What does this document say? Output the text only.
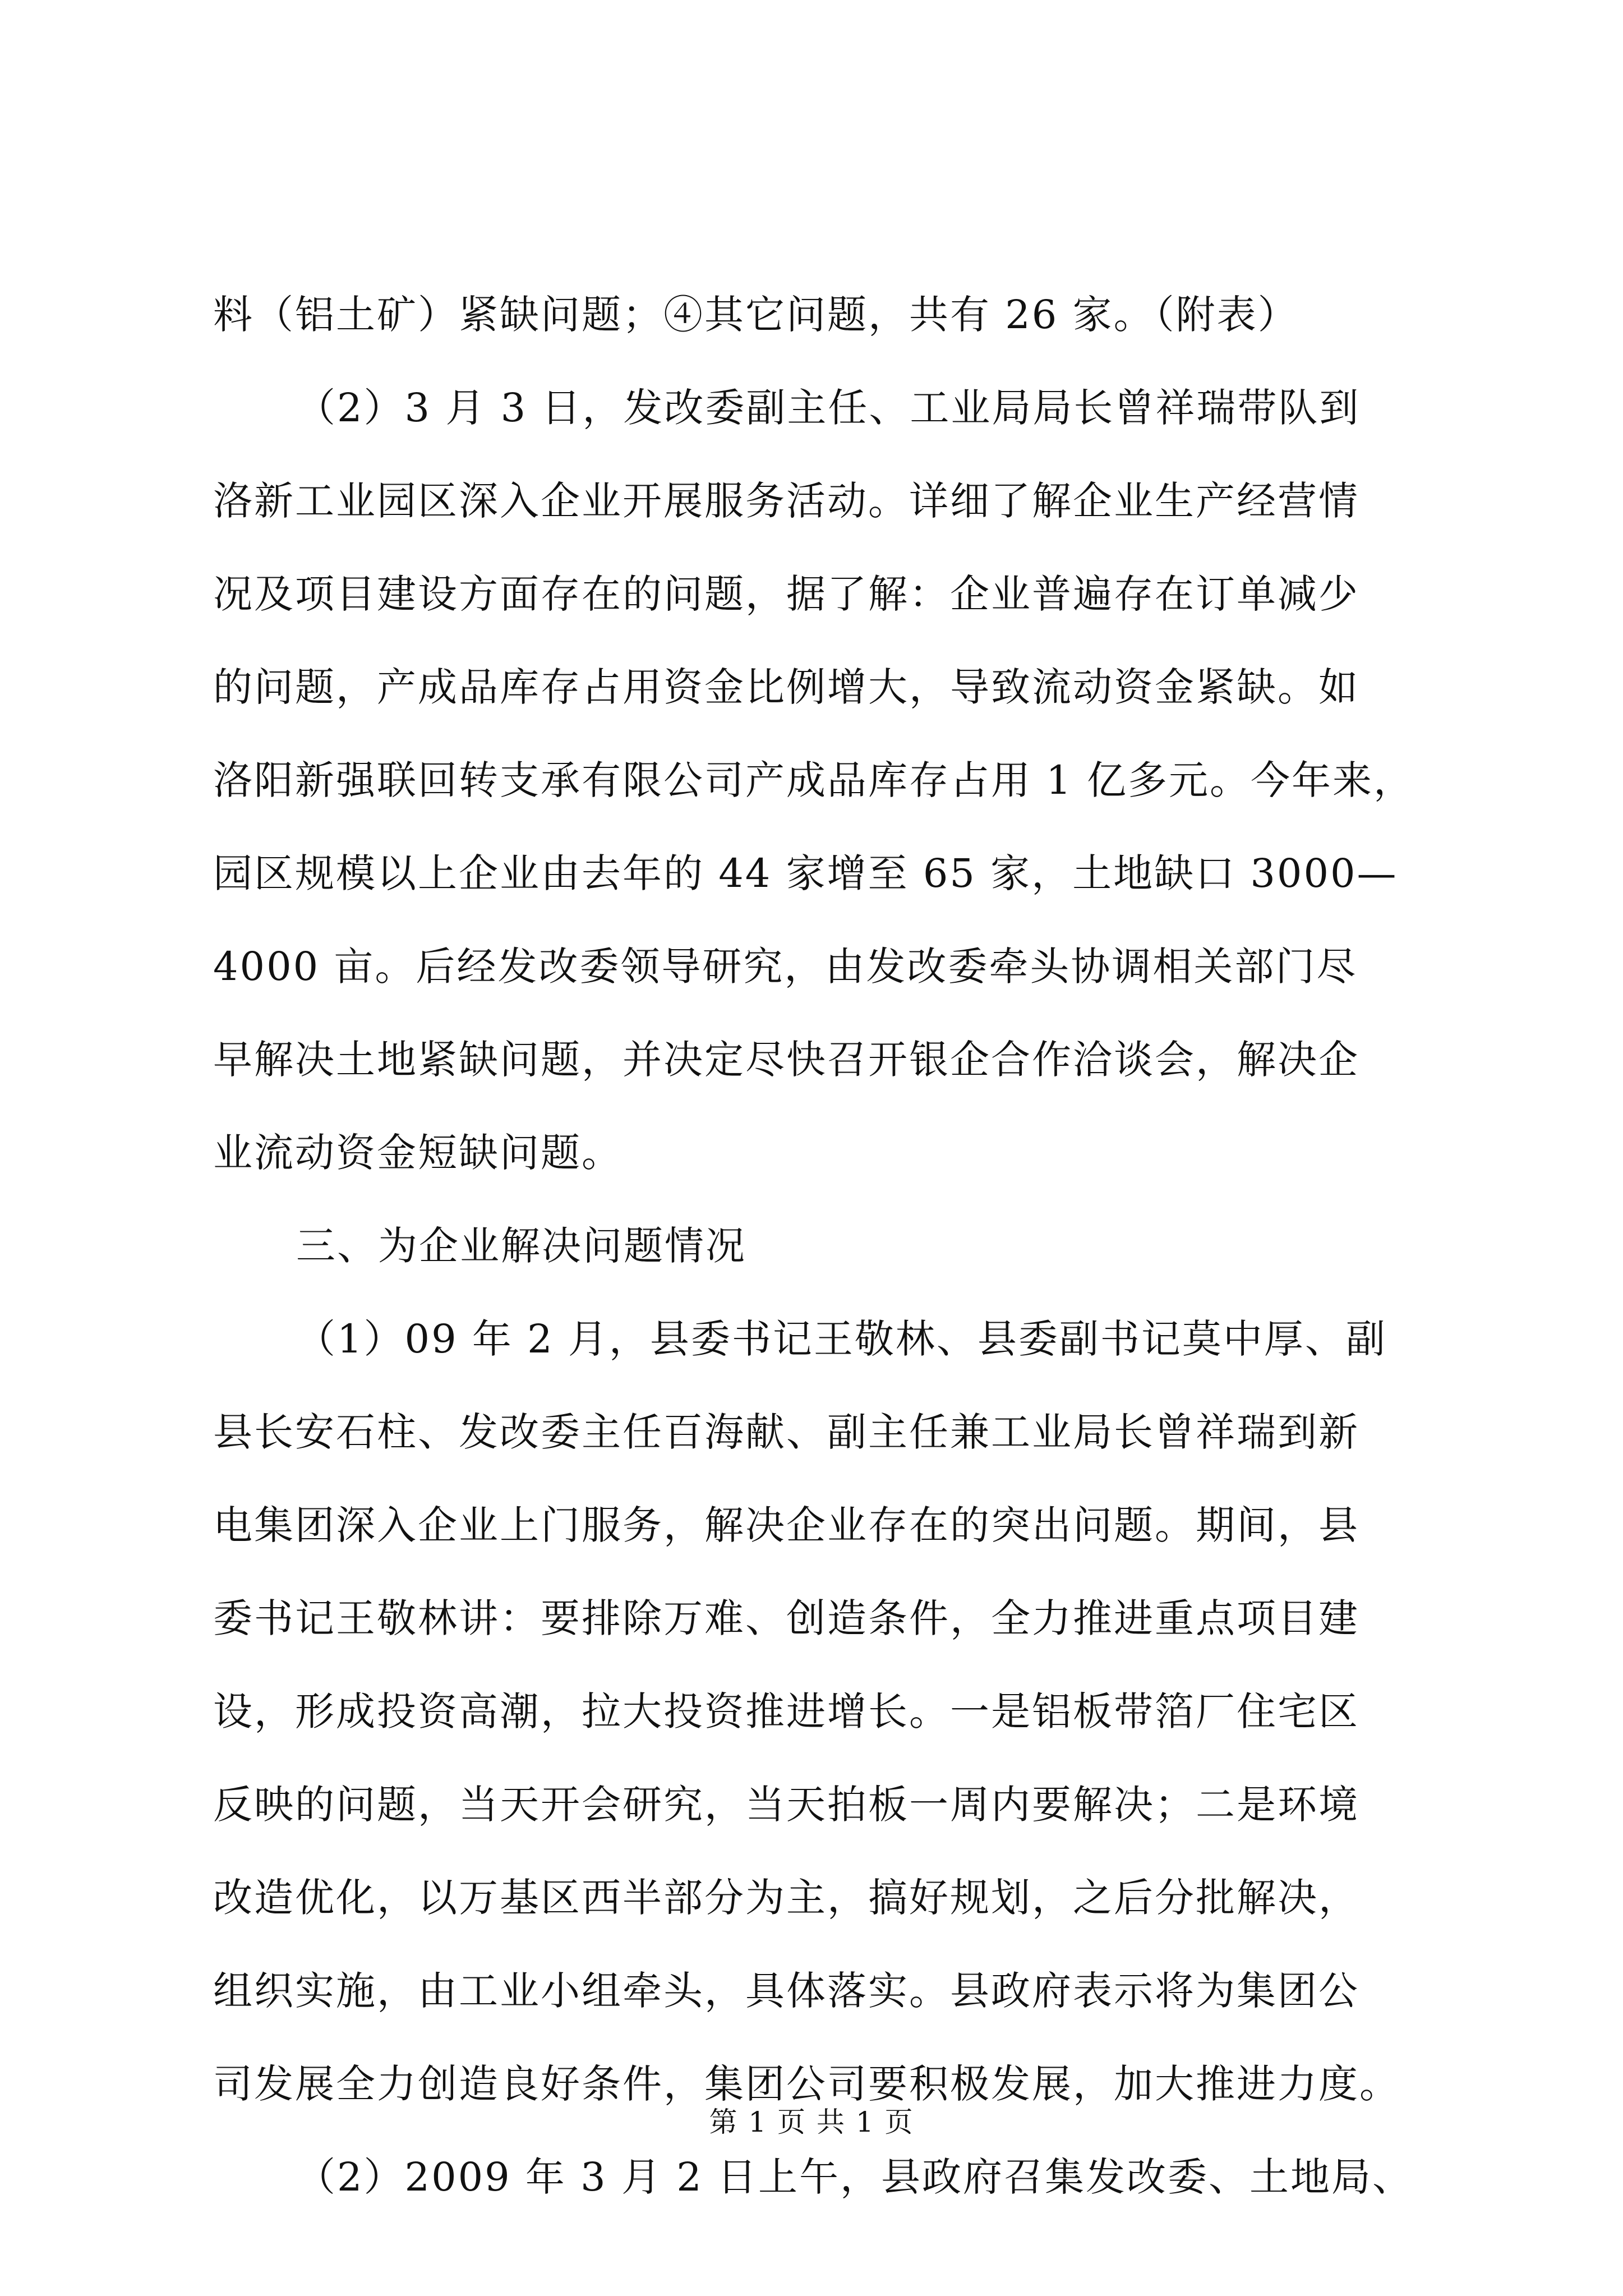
料（铝土矿）紧缺问题；④其它问题，共有 26 家。（附表）
（2）3 月 3 日，发改委副主任、工业局局长曾祥瑞带队到
洛新工业园区深入企业开展服务活动。详细了解企业生产经营情
况及项目建设方面存在的问题，据了解：企业普遍存在订单减少
的问题，产成品库存占用资金比例增大，导致流动资金紧缺。如
洛阳新强联回转支承有限公司产成品库存占用 1 亿多元。今年来，
园区规模以上企业由去年的 44 家增至 65 家，土地缺口 3000—
4000 亩。后经发改委领导研究，由发改委牵头协调相关部门尽
早解决土地紧缺问题，并决定尽快召开银企合作洽谈会，解决企
业流动资金短缺问题。
三、为企业解决问题情况
（1）09 年 2 月，县委书记王敬林、县委副书记莫中厚、副
县长安石柱、发改委主任百海献、副主任兼工业局长曾祥瑞到新
电集团深入企业上门服务，解决企业存在的突出问题。期间，县
委书记王敬林讲：要排除万难、创造条件，全力推进重点项目建
设，形成投资高潮，拉大投资推进增长。一是铝板带箔厂住宅区
反映的问题，当天开会研究，当天拍板一周内要解决；二是环境
改造优化，以万基区西半部分为主，搞好规划，之后分批解决，
组织实施，由工业小组牵头，具体落实。县政府表示将为集团公
司发展全力创造良好条件，集团公司要积极发展，加大推进力度。
（2）2009 年 3 月 2 日上午，县政府召集发改委、土地局、
第 1 页 共 1 页
